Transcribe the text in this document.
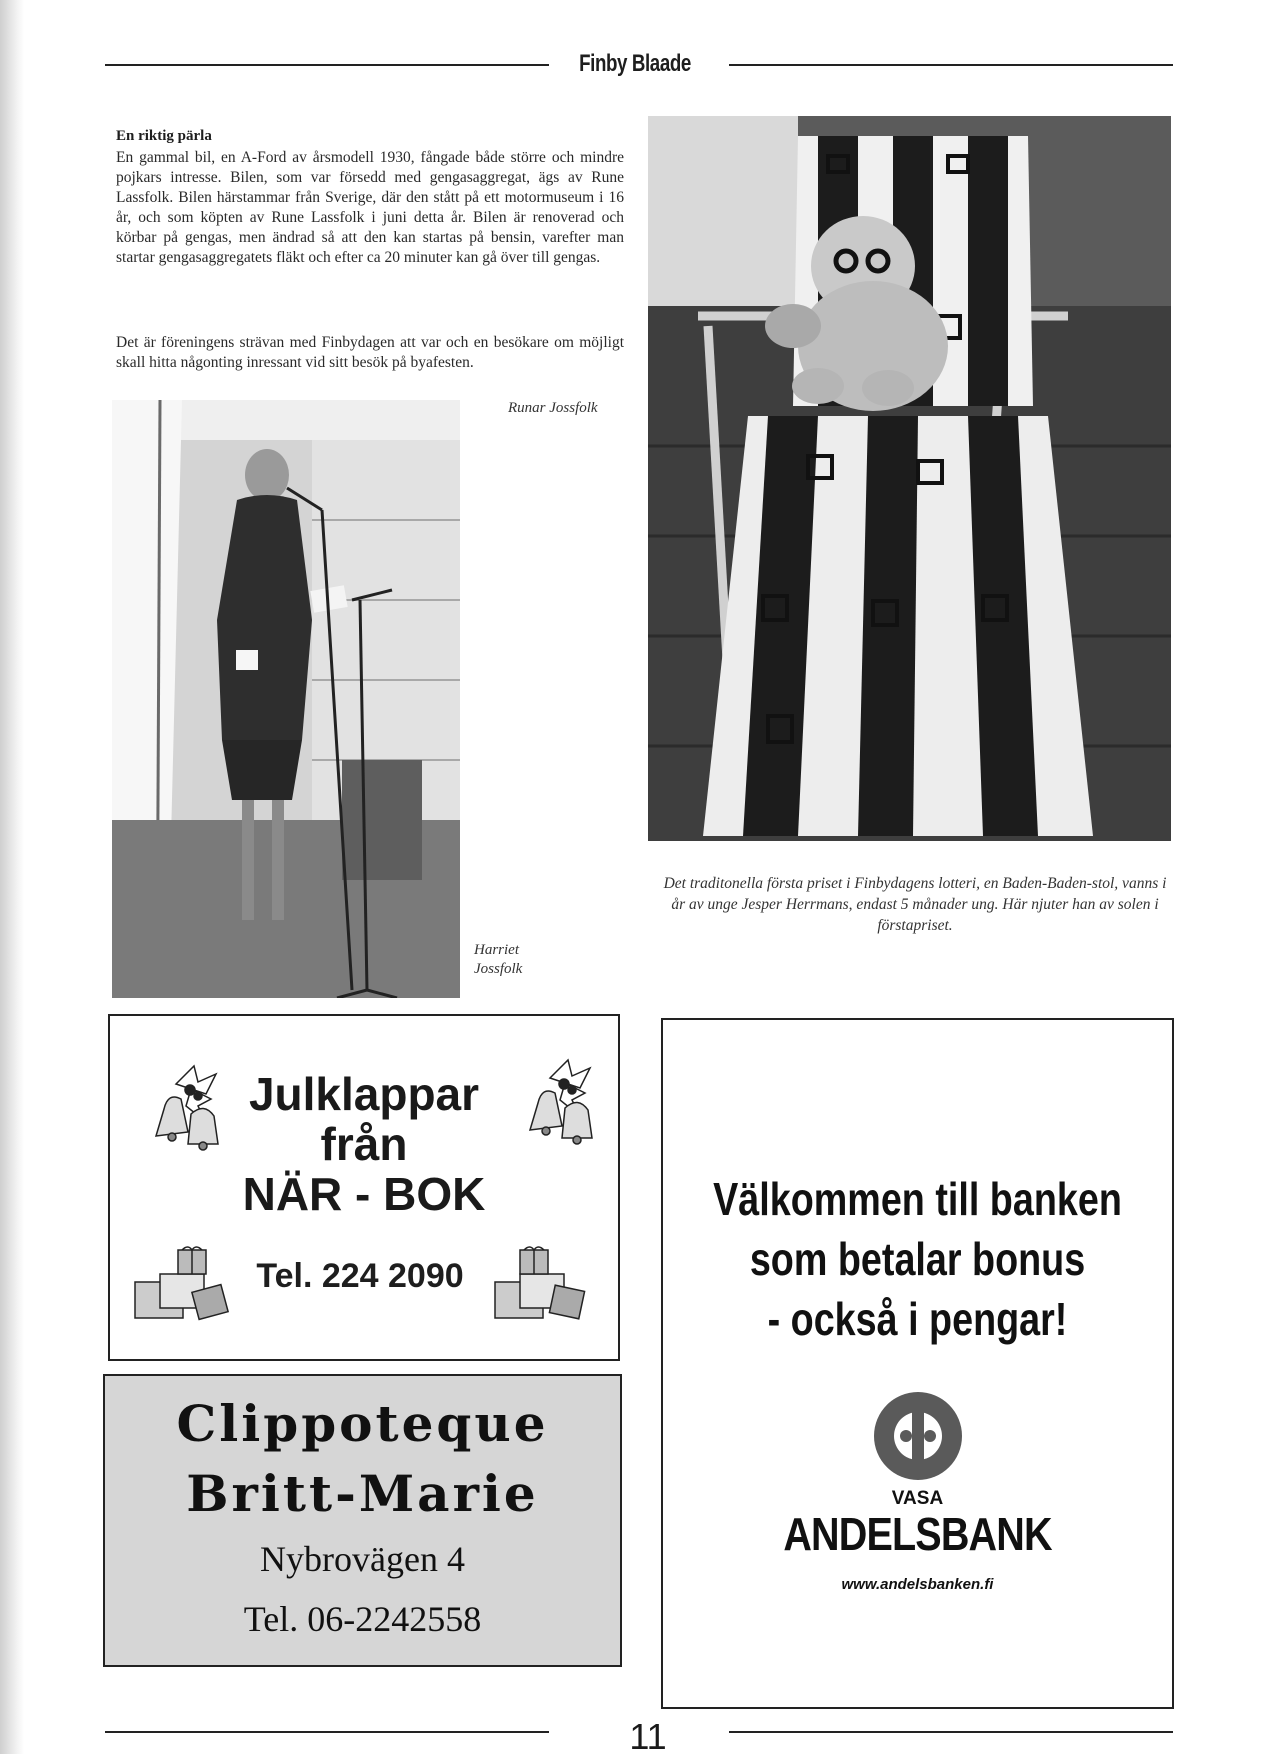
Finby Blaade
En riktig pärla
En gammal bil, en A-Ford av årsmodell 1930, fångade både större och mindre pojkars intresse. Bilen, som var försedd med gengasaggregat, ägs av Rune Lassfolk. Bilen härstammar från Sverige, där den stått på ett motormuseum i 16 år, och som köpten av Rune Lassfolk i juni detta år. Bilen är renoverad och körbar på gengas, men ändrad så att den kan startas på bensin, varefter man startar gengasaggregatets fläkt och efter ca 20 minuter kan gå över till gengas.
Det är föreningens strävan med Finbydagen att var och en besökare om möjligt skall hitta någonting inressant vid sitt besök på byafesten.
Runar Jossfolk
Harriet
Jossfolk
Det traditonella första priset i Finbydagens lotteri, en Baden-Baden-stol, vanns i år av unge Jesper Herrmans, endast 5 månader ung. Här njuter han av solen i förstapriset.
Julklappar
från
NÄR - BOK
Tel. 224 2090
Clippoteque
Britt-Marie
Nybrovägen 4
Tel. 06-2242558
Välkommen till banken
som betalar bonus
- också i pengar!
VASA
ANDELSBANK
www.andelsbanken.fi
11
